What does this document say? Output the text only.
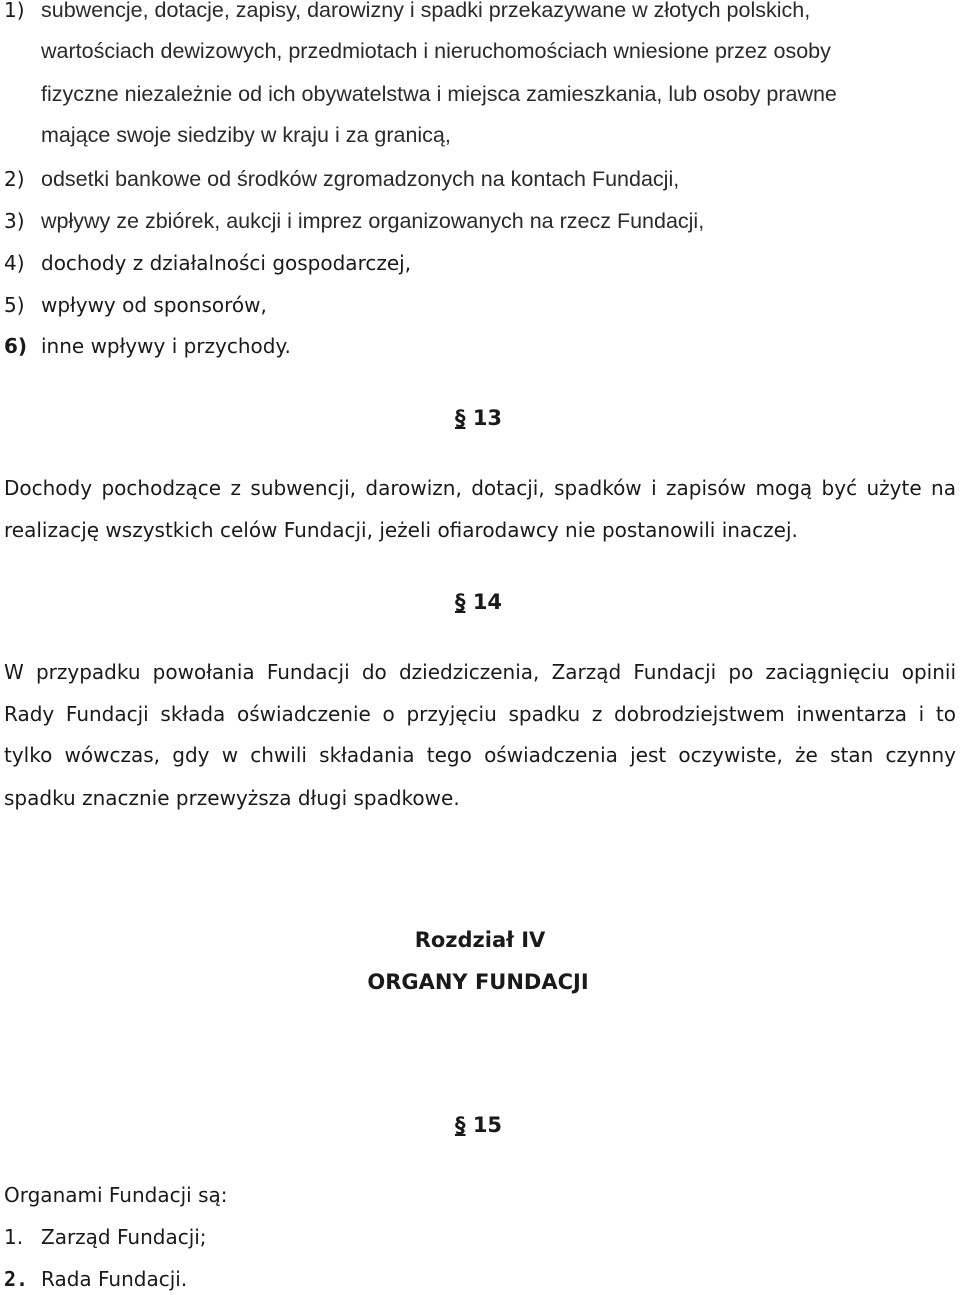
1) subwencje, dotacje, zapisy, darowizny i spadki przekazywane w złotych polskich,
wartościach dewizowych, przedmiotach i nieruchomościach wniesione przez osoby
fizyczne niezależnie od ich obywatelstwa i miejsca zamieszkania, lub osoby prawne
mające swoje siedziby w kraju i za granicą,
2) odsetki bankowe od środków zgromadzonych na kontach Fundacji,
3) wpływy ze zbiórek, aukcji i imprez organizowanych na rzecz Fundacji,
4) dochody z działalności gospodarczej,
5) wpływy od sponsorów,
6) inne wpływy i przychody.
§ 13
Dochody pochodzące z subwencji, darowizn, dotacji, spadków i zapisów mogą być użyte na
realizację wszystkich celów Fundacji, jeżeli ofiarodawcy nie postanowili inaczej.
§ 14
W przypadku powołania Fundacji do dziedziczenia, Zarząd Fundacji po zaciągnięciu opinii
Rady Fundacji składa oświadczenie o przyjęciu spadku z dobrodziejstwem inwentarza i to
tylko wówczas, gdy w chwili składania tego oświadczenia jest oczywiste, że stan czynny
spadku znacznie przewyższa długi spadkowe.
Rozdział IV
ORGANY FUNDACJI
§ 15
Organami Fundacji są:
1. Zarząd Fundacji;
2. Rada Fundacji.
